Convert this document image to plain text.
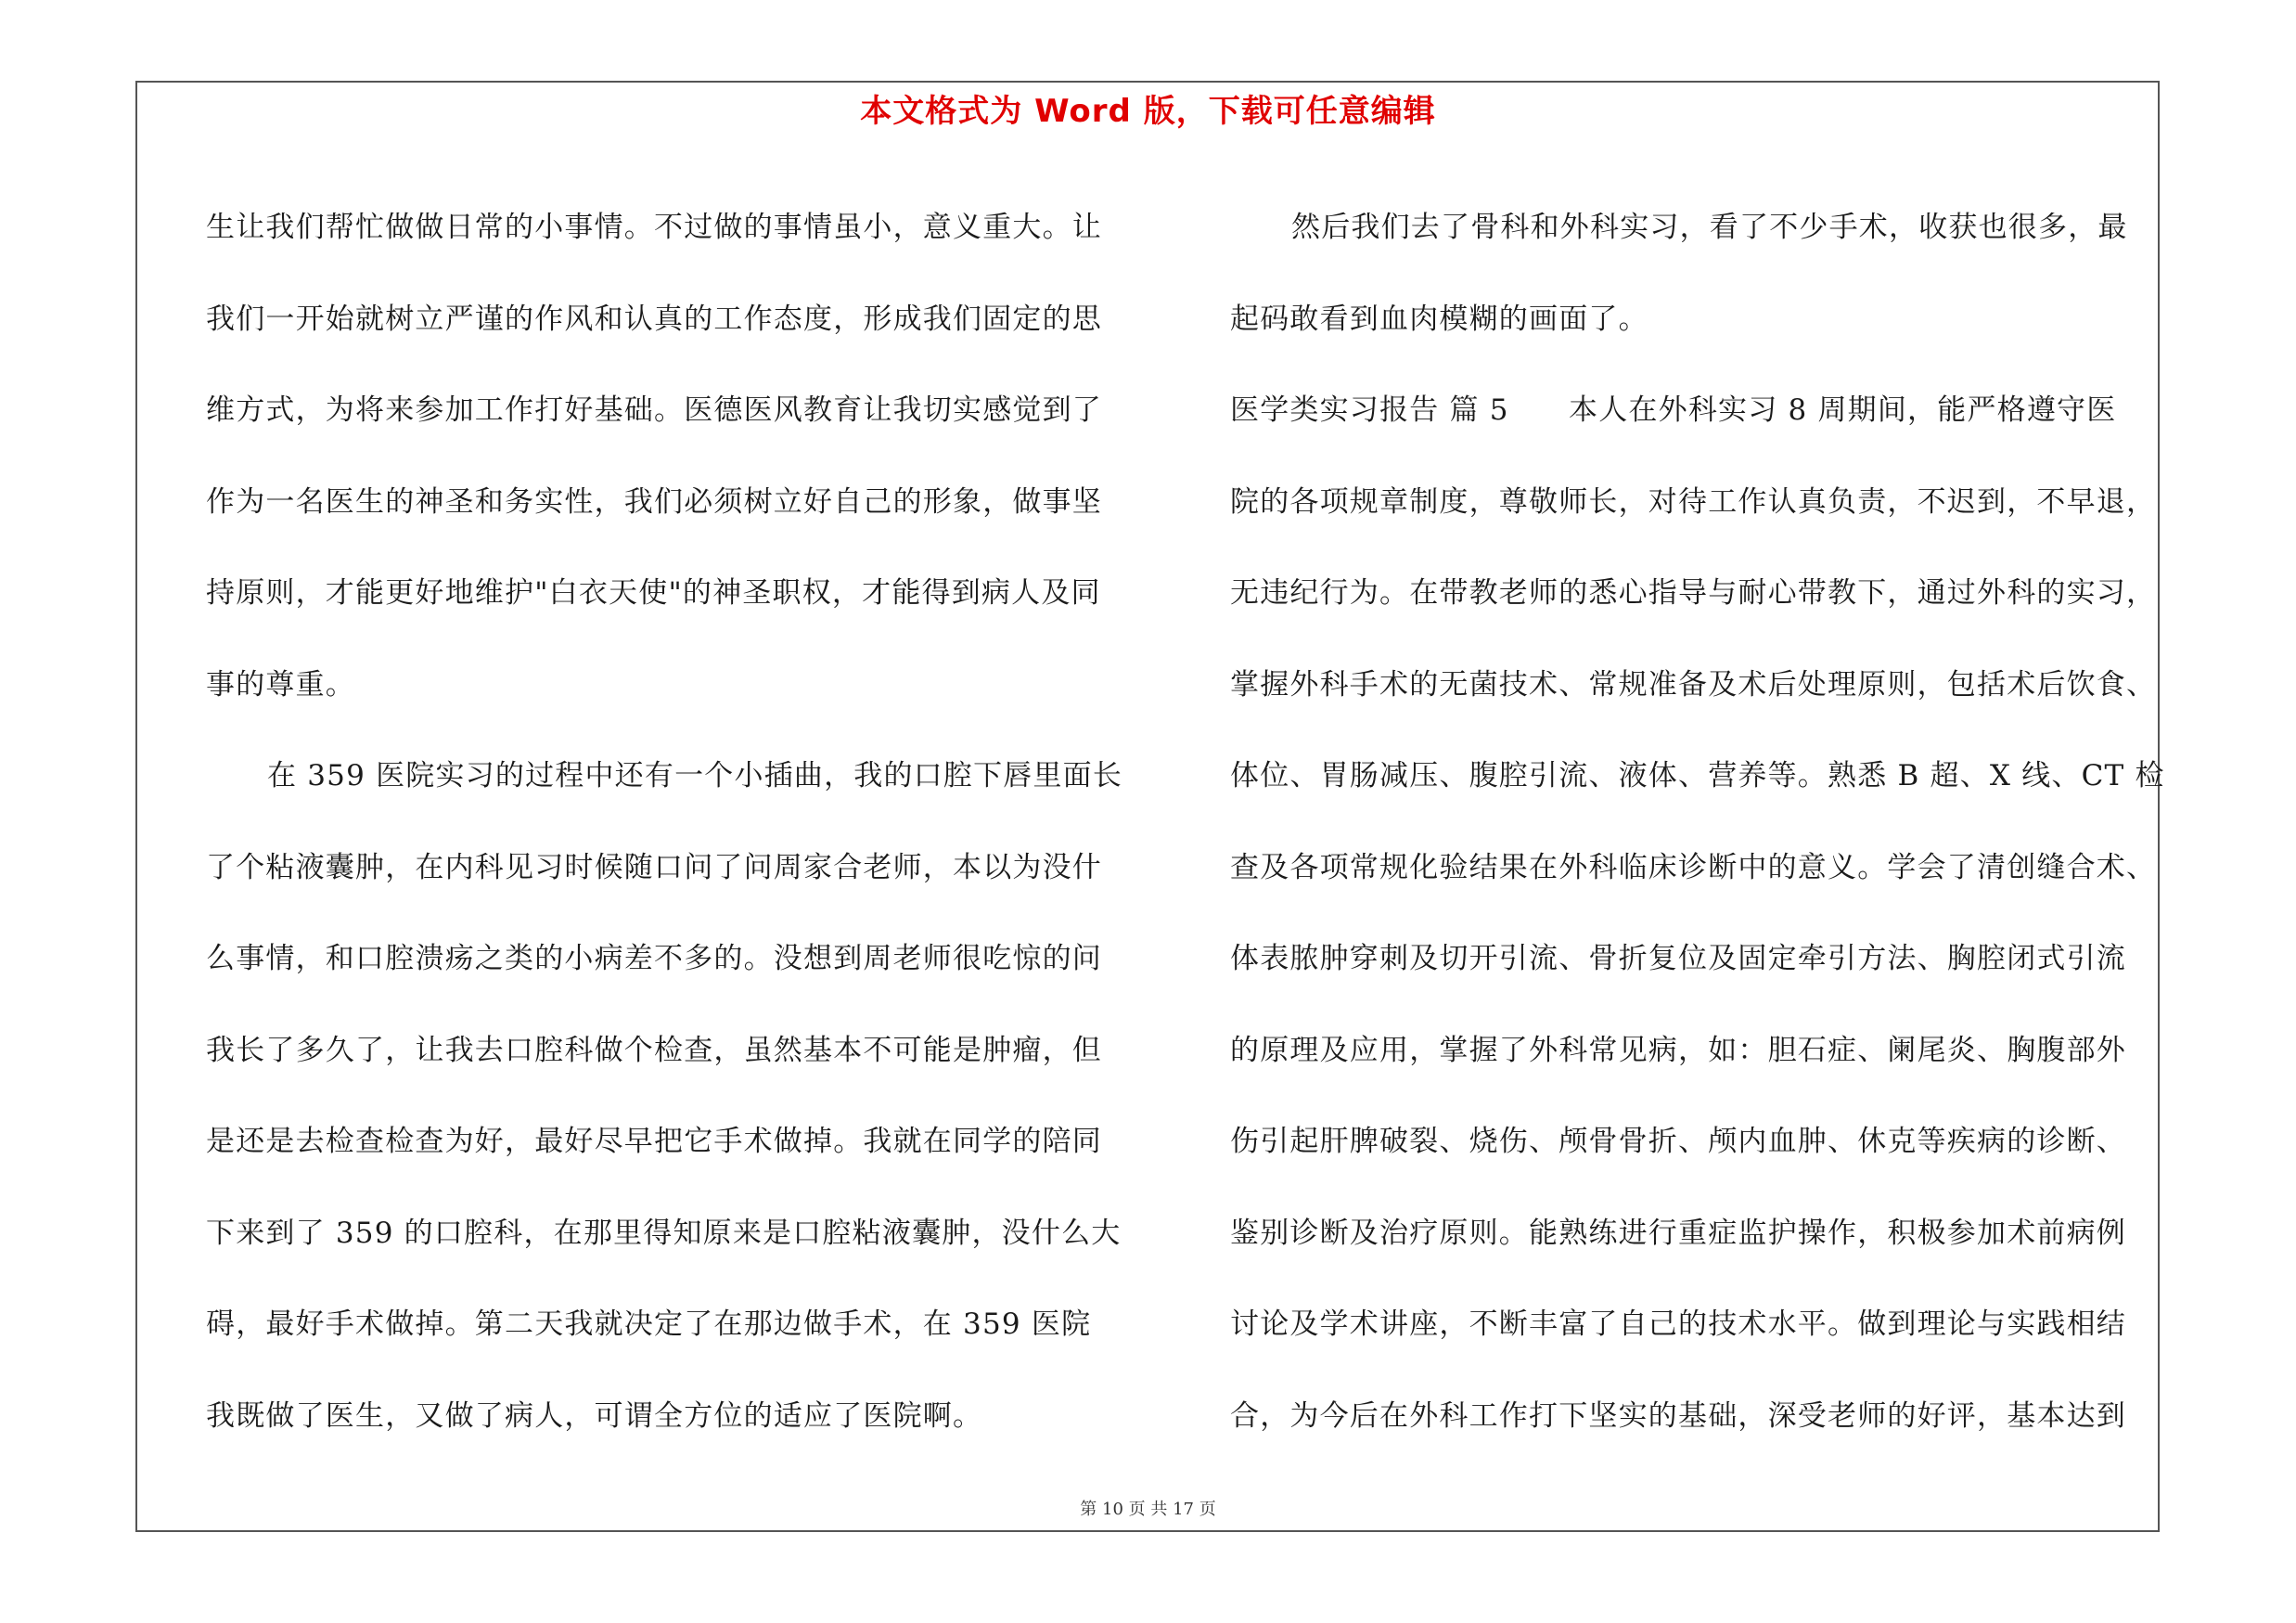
本文格式为 Word 版，下载可任意编辑
生让我们帮忙做做日常的小事情。不过做的事情虽小，意义重大。让
我们一开始就树立严谨的作风和认真的工作态度，形成我们固定的思
维方式，为将来参加工作打好基础。医德医风教育让我切实感觉到了
作为一名医生的神圣和务实性，我们必须树立好自己的形象，做事坚
持原则，才能更好地维护"白衣天使"的神圣职权，才能得到病人及同
事的尊重。
在 359 医院实习的过程中还有一个小插曲，我的口腔下唇里面长
了个粘液囊肿，在内科见习时候随口问了问周家合老师，本以为没什
么事情，和口腔溃疡之类的小病差不多的。没想到周老师很吃惊的问
我长了多久了，让我去口腔科做个检查，虽然基本不可能是肿瘤，但
是还是去检查检查为好，最好尽早把它手术做掉。我就在同学的陪同
下来到了 359 的口腔科，在那里得知原来是口腔粘液囊肿，没什么大
碍，最好手术做掉。第二天我就决定了在那边做手术，在 359 医院
我既做了医生，又做了病人，可谓全方位的适应了医院啊。
然后我们去了骨科和外科实习，看了不少手术，收获也很多，最
起码敢看到血肉模糊的画面了。
医学类实习报告 篇 5　　本人在外科实习 8 周期间，能严格遵守医
院的各项规章制度，尊敬师长，对待工作认真负责，不迟到，不早退，
无违纪行为。在带教老师的悉心指导与耐心带教下，通过外科的实习，
掌握外科手术的无菌技术、常规准备及术后处理原则，包括术后饮食、
体位、胃肠减压、腹腔引流、液体、营养等。熟悉 B 超、X 线、CT 检
查及各项常规化验结果在外科临床诊断中的意义。学会了清创缝合术、
体表脓肿穿刺及切开引流、骨折复位及固定牵引方法、胸腔闭式引流
的原理及应用，掌握了外科常见病，如：胆石症、阑尾炎、胸腹部外
伤引起肝脾破裂、烧伤、颅骨骨折、颅内血肿、休克等疾病的诊断、
鉴别诊断及治疗原则。能熟练进行重症监护操作，积极参加术前病例
讨论及学术讲座，不断丰富了自己的技术水平。做到理论与实践相结
合，为今后在外科工作打下坚实的基础，深受老师的好评，基本达到
第 10 页 共 17 页
